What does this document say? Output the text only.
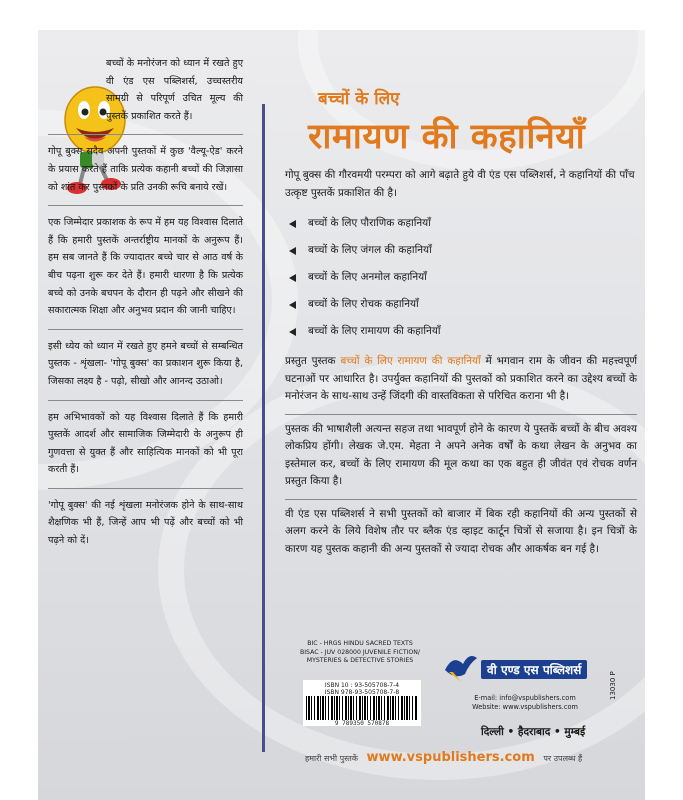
बच्चों के मनोरंजन को ध्यान में रखते हुए वी एंड एस पब्लिशर्स, उच्चस्तरीय सामग्री से परिपूर्ण उचित मूल्य की पुस्तकें प्रकाशित करते हैं।

गोपू बुक्स सदैव अपनी पुस्तकों में कुछ 'वैल्यू-ऐड' करने के प्रयास करते हैं ताकि प्रत्येक कहानी बच्चों की जिज्ञासा को शांत कर पुस्तकों के प्रति उनकी रूचि बनाये रखें।

एक जिम्मेदार प्रकाशक के रूप में हम यह विश्वास दिलाते हैं कि हमारी पुस्तकें अन्तर्राष्ट्रीय मानकों के अनुरूप हैं। हम सब जानते हैं कि ज्यादातर बच्चे चार से आठ वर्ष के बीच पढ़ना शुरू कर देते हैं। हमारी धारणा है कि प्रत्येक बच्चे को उनके बचपन के दौरान ही पढ़ने और सीखने की सकारात्मक शिक्षा और अनुभव प्रदान की जानी चाहिए।

इसी ध्येय को ध्यान में रखते हुए हमने बच्चों से सम्बन्धित पुस्तक - शृंखला- 'गोपू बुक्स' का प्रकाशन शुरू किया है, जिसका लक्ष्य है - पढ़ो, सीखो और आनन्द उठाओ।

हम अभिभावकों को यह विश्वास दिलाते हैं कि हमारी पुस्तकें आदर्श और सामाजिक जिम्मेदारी के अनुरूप ही गुणवत्ता से युक्त हैं और साहित्यिक मानकों को भी पूरा करती हैं।

'गोपू बुक्स' की नई शृंखला मनोरंजक होने के साथ-साथ शैक्षणिक भी हैं, जिन्हें आप भी पढ़ें और बच्चों को भी पढ़ने को दें।

बच्चों के लिए
रामायण की कहानियाँ

गोपू बुक्स की गौरवमयी परम्परा को आगे बढ़ाते हुये वी एंड एस पब्लिशर्स, ने कहानियों की पाँच उत्कृष्ट पुस्तकें प्रकाशित की है।

बच्चों के लिए पौराणिक कहानियाँ
बच्चों के लिए जंगल की कहानियाँ
बच्चों के लिए अनमोल कहानियाँ
बच्चों के लिए रोचक कहानियाँ
बच्चों के लिए रामायण की कहानियाँ

प्रस्तुत पुस्तक बच्चों के लिए रामायण की कहानियाँ में भगवान राम के जीवन की महत्त्वपूर्ण घटनाओं पर आधारित है। उपर्युक्त कहानियों की पुस्तकों को प्रकाशित करने का उद्देश्य बच्चों के मनोरंजन के साथ-साथ उन्हें जिंदगी की वास्तविकता से परिचित कराना भी है।

पुस्तक की भाषाशैली अत्यन्त सहज तथा भावपूर्ण होने के कारण ये पुस्तकें बच्चों के बीच अवश्य लोकप्रिय होंगी। लेखक जे.एम. मेहता ने अपने अनेक वर्षों के कथा लेखन के अनुभव का इस्तेमाल कर, बच्चों के लिए रामायण की मूल कथा का एक बहुत ही जीवंत एवं रोचक वर्णन प्रस्तुत किया है।

वी एंड एस पब्लिशर्स ने सभी पुस्तकों को बाजार में बिक रही कहानियों की अन्य पुस्तकों से अलग करने के लिये विशेष तौर पर ब्लैक एंड व्हाइट कार्टून चित्रों से सजाया है। इन चित्रों के कारण यह पुस्तक कहानी की अन्य पुस्तकों से ज्यादा रोचक और आकर्षक बन गई है।

BIC - HRGS HINDU SACRED TEXTS
BISAC - JUV 028000 JUVENILE FICTION/
MYSTERIES & DETECTIVE STORIES
ISBN 10 : 93-505708-7-4
ISBN 978-93-505708-7-8
9 789350 570878
वी एण्ड एस पब्लिशर्स
E-mail: info@vspublishers.com
Website: www.vspublishers.com
दिल्ली • हैदराबाद • मुम्बई
13030 P
हमारी सभी पुस्तकें www.vspublishers.com पर उपलब्ध हैं
